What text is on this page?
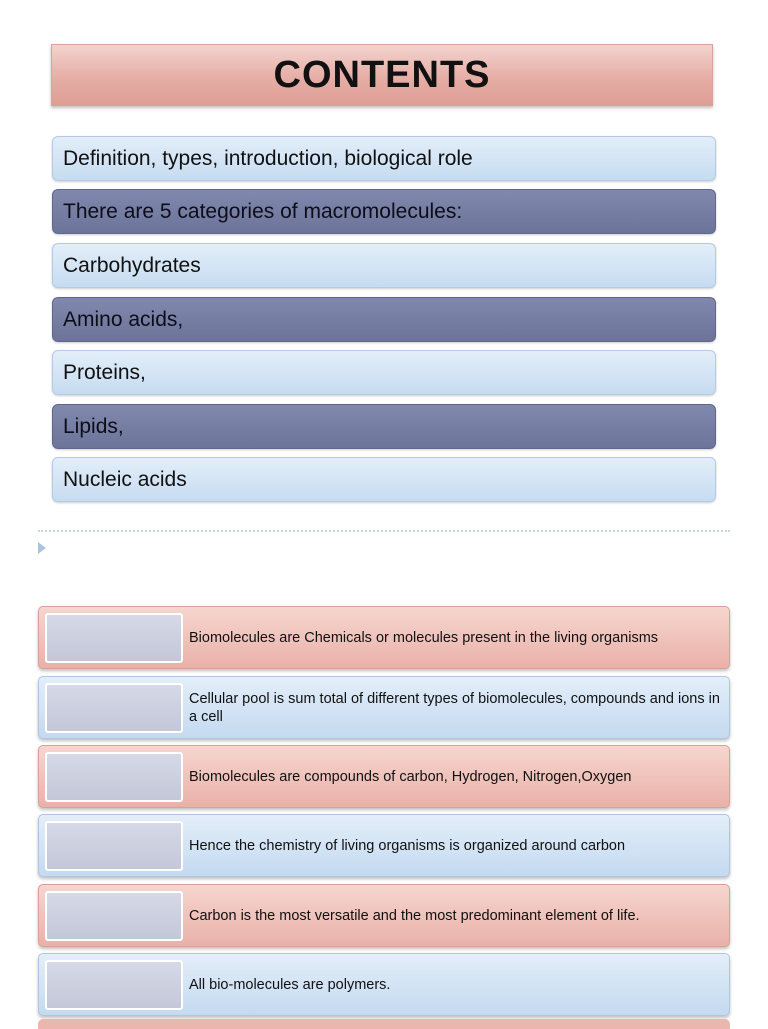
CONTENTS
Definition, types, introduction, biological role
There are 5 categories of macromolecules:
Carbohydrates
Amino acids,
Proteins,
Lipids,
Nucleic acids
Biomolecules are Chemicals or molecules present in the living organisms
Cellular pool is sum total of different types of biomolecules, compounds and ions in a cell
Biomolecules are compounds of carbon, Hydrogen, Nitrogen,Oxygen
Hence the chemistry of living organisms is organized around carbon
Carbon is the most versatile and the most predominant element of life.
All bio-molecules are polymers.
